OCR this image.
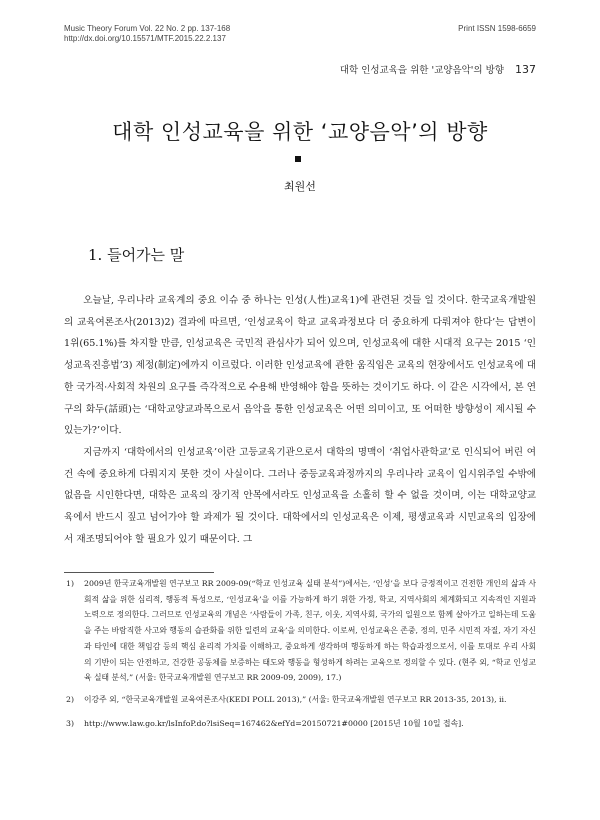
Music Theory Forum Vol. 22 No. 2 pp. 137-168
http://dx.doi.org/10.15571/MTF.2015.22.2.137
Print ISSN 1598-6659
대학 인성교육을 위한 '교양음악'의 방향 137
대학 인성교육을 위한 ‘교양음악’의 방향
최원선
1. 들어가는 말

오늘날, 우리나라 교육계의 중요 이슈 중 하나는 인성(人性)교육1)에 관련된 것들 일 것이다. 한국교육개발원의 교육여론조사(2013)2) 결과에 따르면, ‘인성교육이 학교 교육과정보다 더 중요하게 다뤄져야 한다’는 답변이 1위(65.1%)를 차지할 만큼, 인성교육은 국민적 관심사가 되어 있으며, 인성교육에 대한 시대적 요구는 2015 ‘인성교육진흥법’3) 제정(制定)에까지 이르렀다. 이러한 인성교육에 관한 움직임은 교육의 현장에서도 인성교육에 대한 국가적·사회적 차원의 요구를 즉각적으로 수용해 반영해야 함을 뜻하는 것이기도 하다. 이 같은 시각에서, 본 연구의 화두(話頭)는 ‘대학교양교과목으로서 음악을 통한 인성교육은 어떤 의미이고, 또 어떠한 방향성이 제시될 수 있는가?’이다.

지금까지 ‘대학에서의 인성교육’이란 고등교육기관으로서 대학의 명맥이 ‘취업사관학교’로 인식되어 버린 여건 속에 중요하게 다뤄지지 못한 것이 사실이다. 그러나 중등교육과정까지의 우리나라 교육이 입시위주일 수밖에 없음을 시인한다면, 대학은 교육의 장기적 안목에서라도 인성교육을 소홀히 할 수 없을 것이며, 이는 대학교양교육에서 반드시 짚고 넘어가야 할 과제가 될 것이다. 대학에서의 인성교육은 이제, 평생교육과 시민교육의 입장에서 재조명되어야 할 필요가 있기 때문이다. 그

1)	2009년 한국교육개발원 연구보고 RR 2009-09(“학교 인성교육 실태 분석”)에서는, ‘인성’을 보다 긍정적이고 건전한 개인의 삶과 사회적 삶을 위한 심리적, 행동적 특성으로, ‘인성교육’을 이를 가능하게 하기 위한 가정, 학교, 지역사회의 체계화되고 지속적인 지원과 노력으로 정의한다. 그러므로 인성교육의 개념은 ‘사람들이 가족, 친구, 이웃, 지역사회, 국가의 일원으로 함께 살아가고 일하는데 도움을 주는 바람직한 사고와 행동의 습관화를 위한 일련의 교육’을 의미한다. 이로써, 인성교육은 존중, 정의, 민주 시민적 자질, 자기 자신과 타인에 대한 책임감 등의 핵심 윤리적 가치를 이해하고, 중요하게 생각하며 행동하게 하는 학습과정으로서, 이를 토대로 우리 사회의 기반이 되는 안전하고, 건강한 공동체를 보증하는 태도와 행동을 형성하게 하려는 교육으로 정의할 수 있다. (현주 외, “학교 인성교육 실태 분석,” (서울: 한국교육개발원 연구보고 RR 2009-09, 2009), 17.)
2)	이강주 외, “한국교육개발원 교육여론조사(KEDI POLL 2013),” (서울: 한국교육개발원 연구보고 RR 2013-35, 2013), ii.
3)	http://www.law.go.kr/lsInfoP.do?lsiSeq=167462&efYd=20150721#0000 [2015년 10월 10일 접속].
